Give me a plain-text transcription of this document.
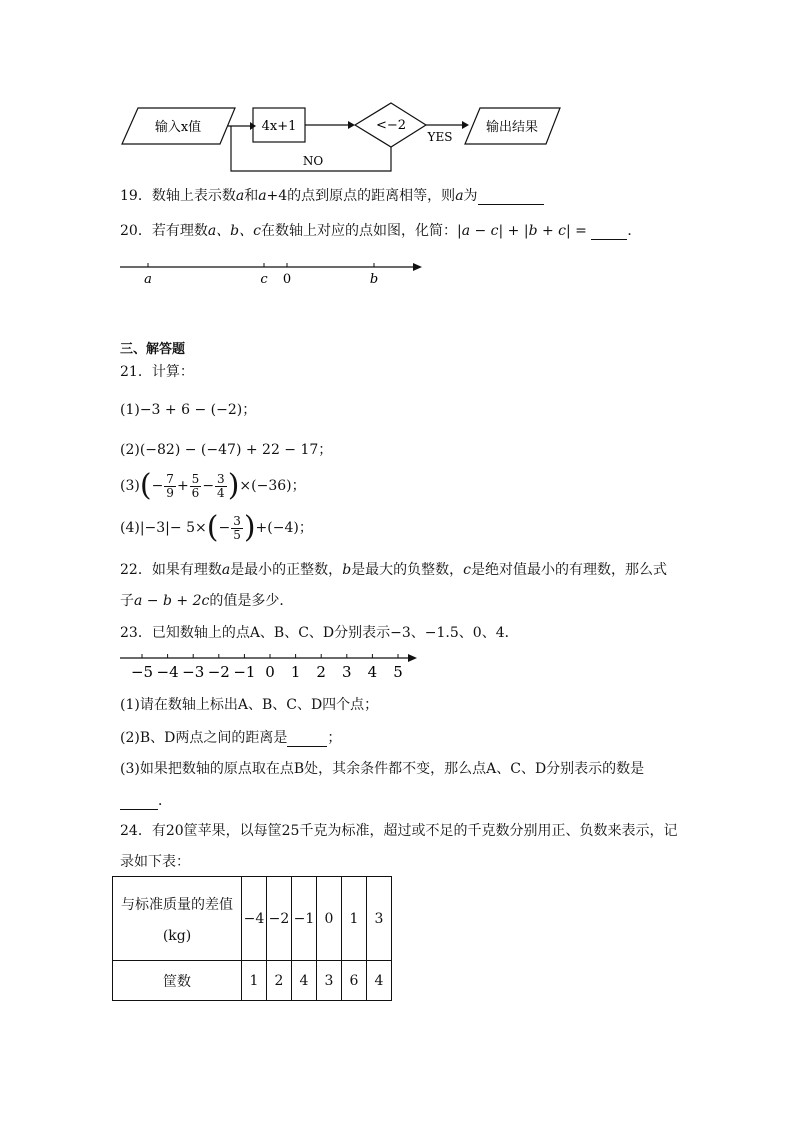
输入x值	4x+1	<−2
YES
输出结果
NO
19．数轴上表示数a和a+4的点到原点的距离相等，则a为
20．若有理数a、b、c在数轴上对应的点如图，化简：|a − c| + |b + c| =	．
a	c 0	b
三、解答题
21．计算：
(1)−3 + 6 − (−2)；
(2)(−82) − (−47) + 22 − 17；
$(3)(- \frac{7}{9} + \frac{5}{6} - \frac{3}{4} )\times(-36)$；
$(4)|-3|- 5\times(- \frac{3}{5} )+(-4)$；
22．如果有理数a是最小的正整数，b是最大的负整数，c是绝对值最小的有理数，那么式
子a − b + 2c的值是多少．
23．已知数轴上的点A、B、C、D分别表示−3、−1.5、0、4．
−5 −4 −3 −2 −1 0 1 2 3 4 5
(1)请在数轴上标出A、B、C、D四个点；
(2)B、D两点之间的距离是	；
(3)如果把数轴的原点取在点B处，其余条件都不变，那么点A、C、D分别表示的数是
．
24．有20筐苹果，以每筐25千克为标准，超过或不足的千克数分别用正、负数来表示，记
录如下表：
与标准质量的差值
(kg)	−4	−2	−1	0	1	3
筐数	1	2	4	3	6	4
